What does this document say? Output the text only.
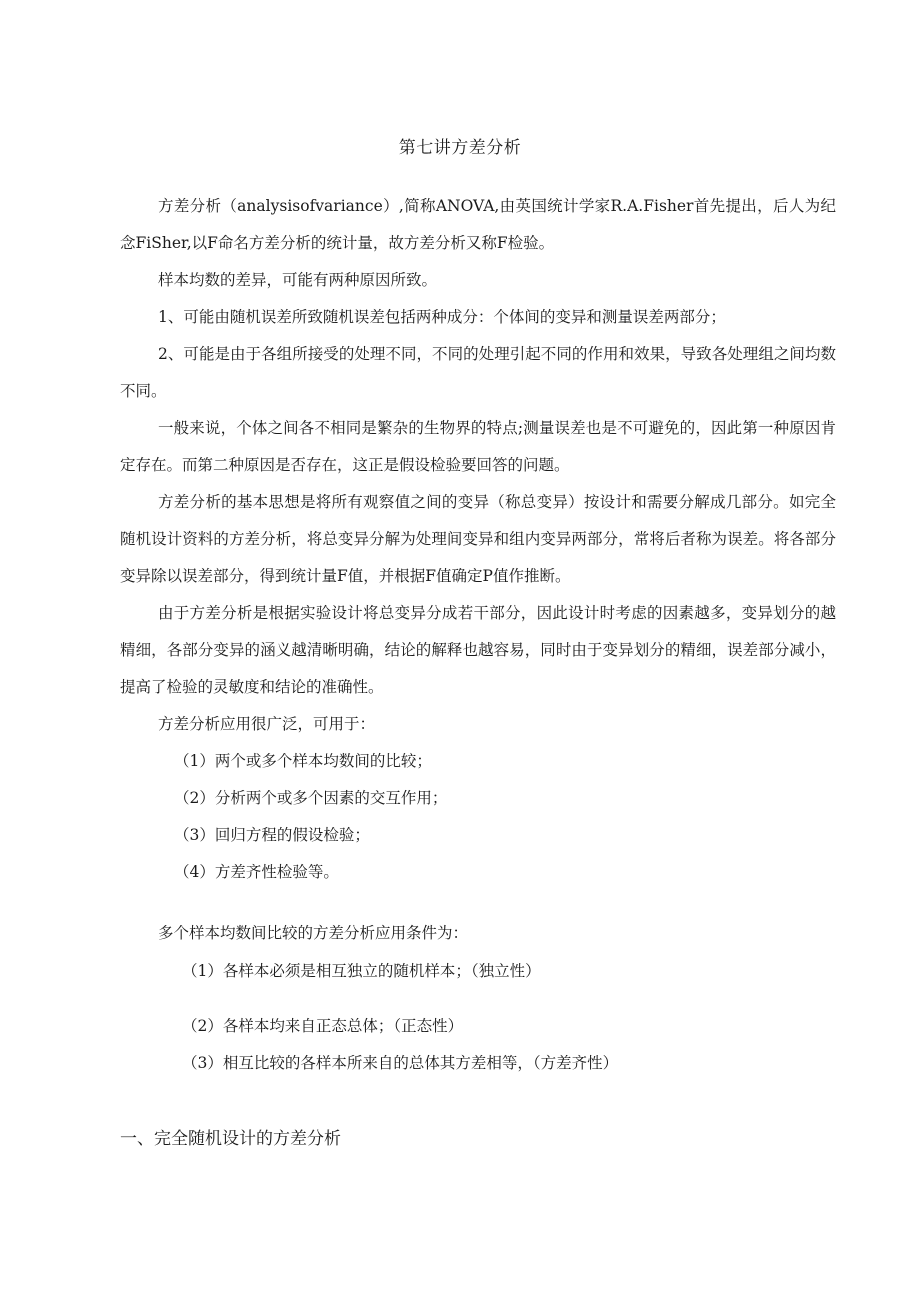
第七讲方差分析

方差分析（analysisofvariance）,简称ANOVA,由英国统计学家R.A.Fisher首先提出，后人为纪念FiSher,以F命名方差分析的统计量，故方差分析又称F检验。

样本均数的差异，可能有两种原因所致。

1、可能由随机误差所致随机误差包括两种成分：个体间的变异和测量误差两部分；

2、可能是由于各组所接受的处理不同，不同的处理引起不同的作用和效果，导致各处理组之间均数不同。

一般来说，个体之间各不相同是繁杂的生物界的特点;测量误差也是不可避免的，因此第一种原因肯定存在。而第二种原因是否存在，这正是假设检验要回答的问题。

方差分析的基本思想是将所有观察值之间的变异（称总变异）按设计和需要分解成几部分。如完全随机设计资料的方差分析，将总变异分解为处理间变异和组内变异两部分，常将后者称为误差。将各部分变异除以误差部分，得到统计量F值，并根据F值确定P值作推断。

由于方差分析是根据实验设计将总变异分成若干部分，因此设计时考虑的因素越多，变异划分的越精细，各部分变异的涵义越清晰明确，结论的解释也越容易，同时由于变异划分的精细，误差部分减小，提高了检验的灵敏度和结论的准确性。

方差分析应用很广泛，可用于：

（1）两个或多个样本均数间的比较；

（2）分析两个或多个因素的交互作用；

（3）回归方程的假设检验；

（4）方差齐性检验等。

多个样本均数间比较的方差分析应用条件为：

（1）各样本必须是相互独立的随机样本；（独立性）

（2）各样本均来自正态总体；（正态性）

（3）相互比较的各样本所来自的总体其方差相等，（方差齐性）

一、完全随机设计的方差分析
